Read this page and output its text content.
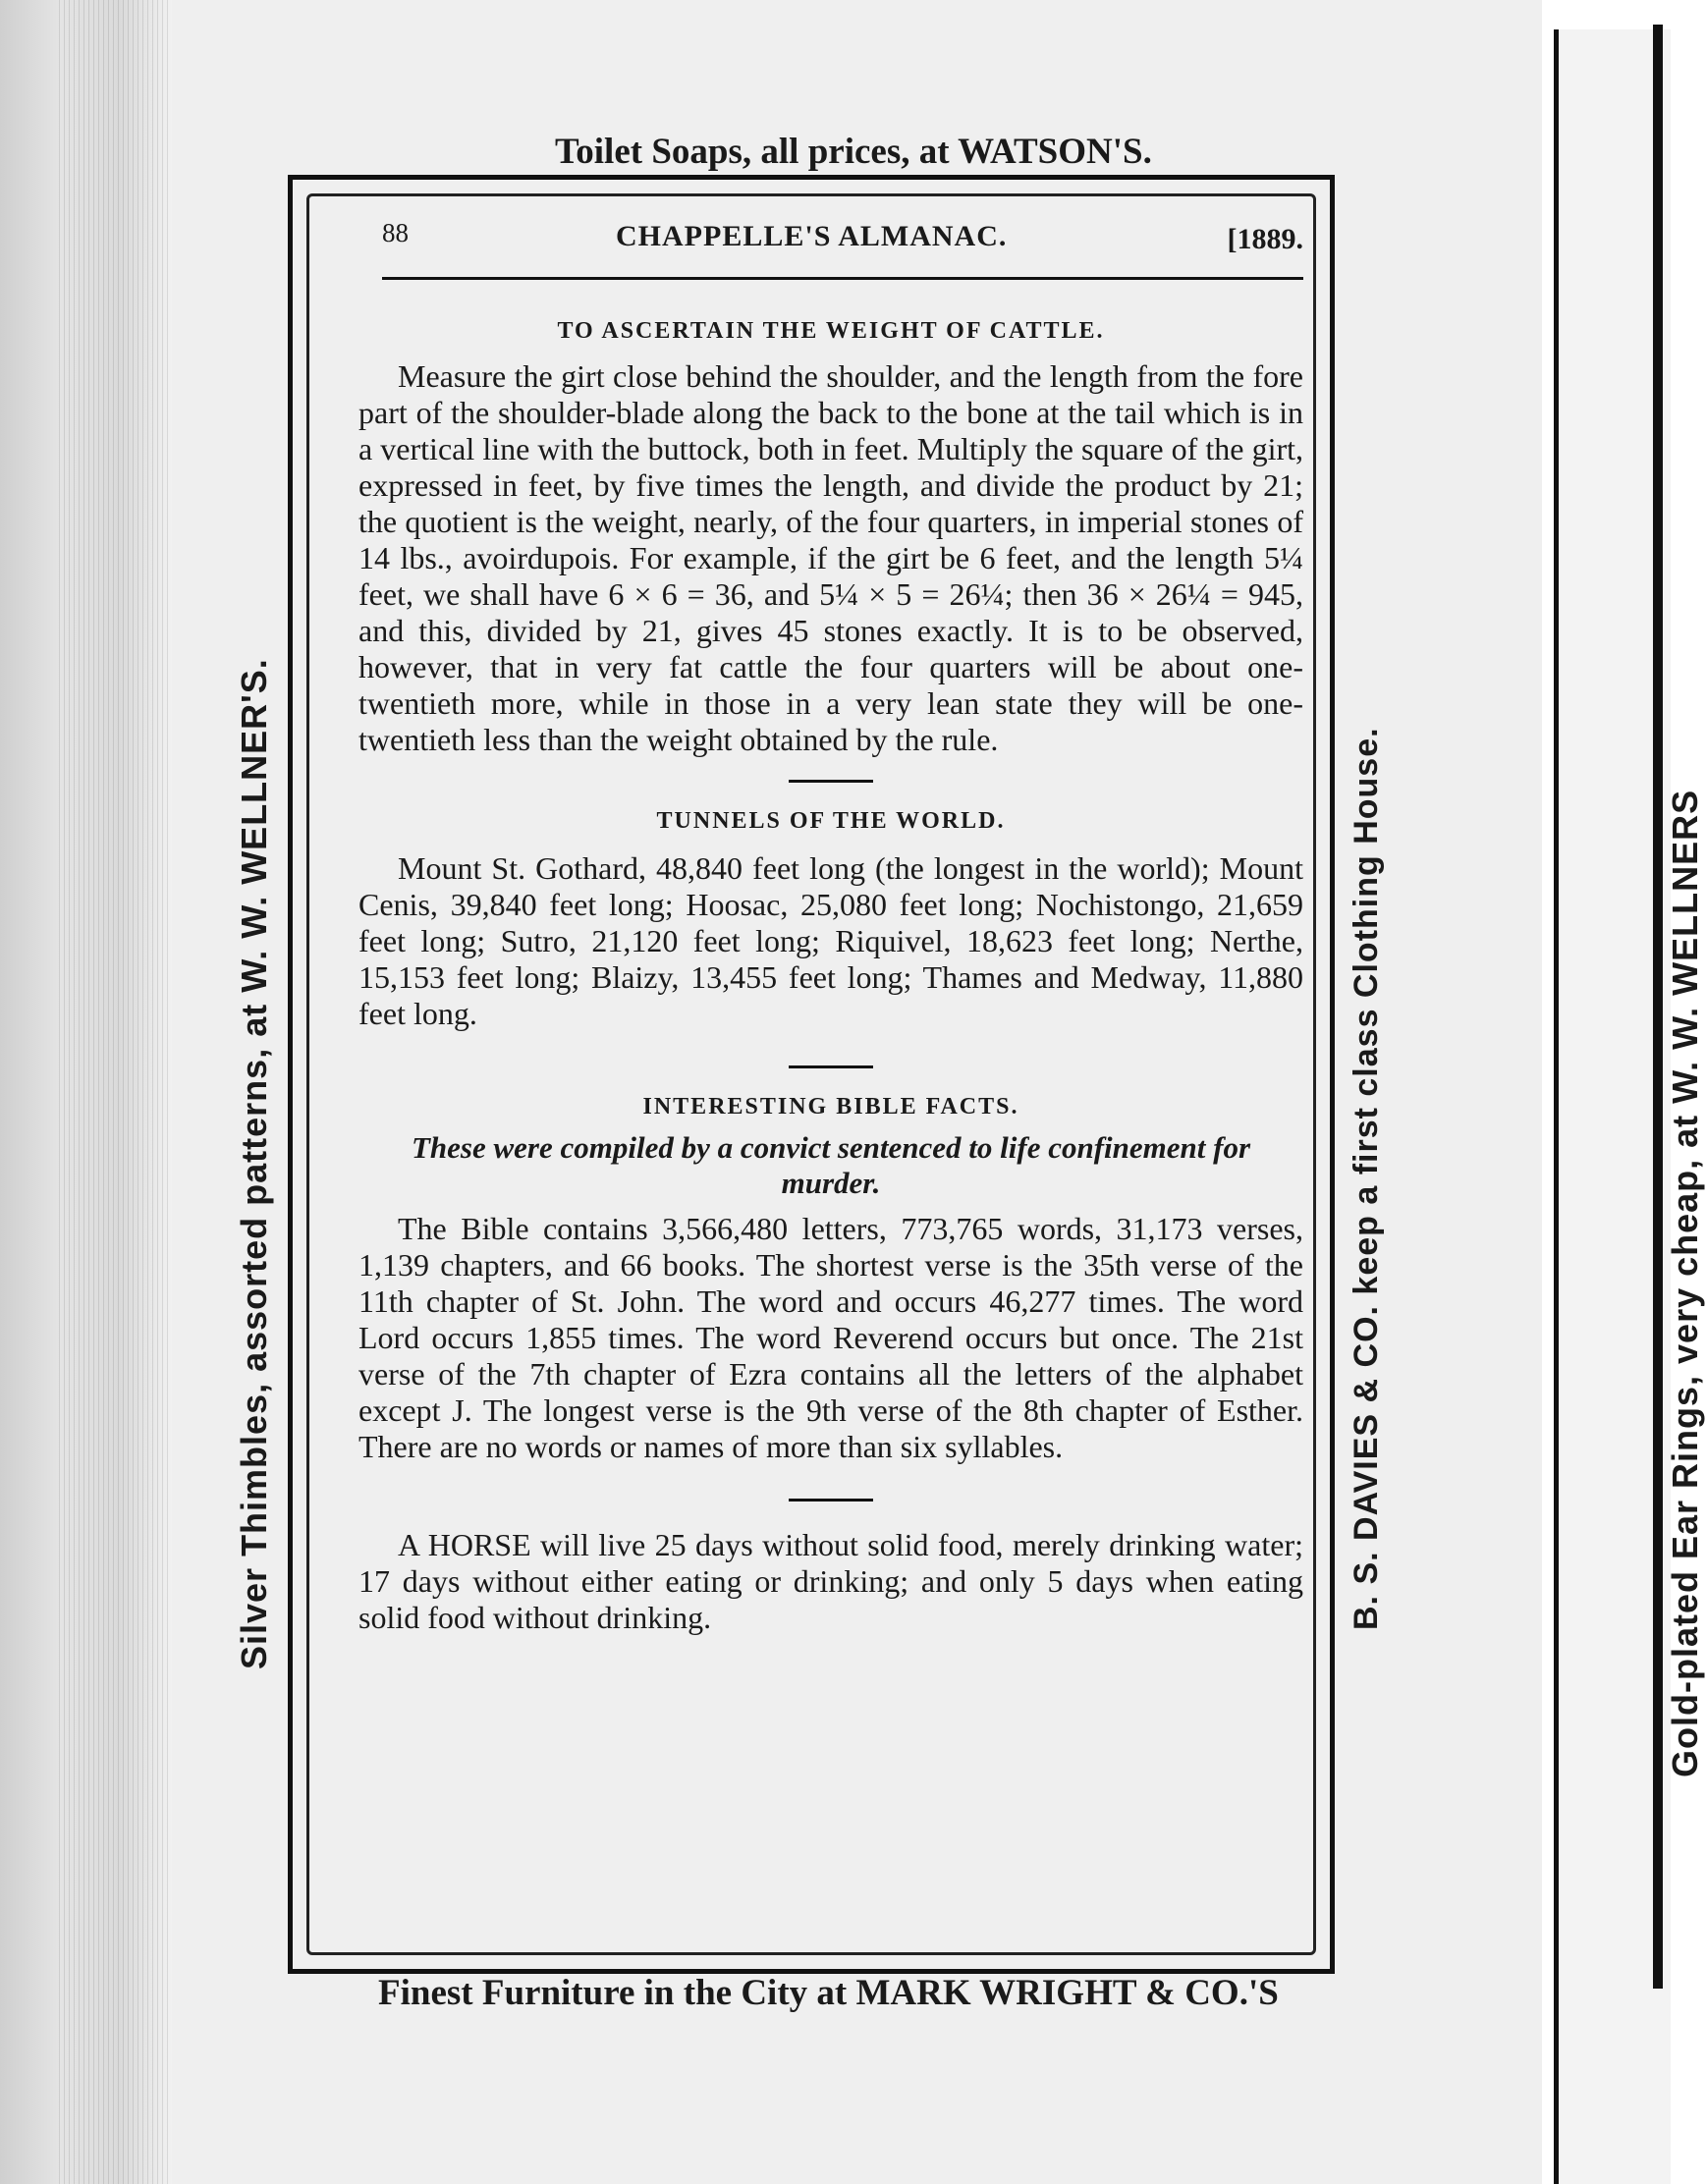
Gold-plated Ear Rings, very cheap, at W. W. WELLNERS
Toilet Soaps, all prices, at WATSON'S.
Silver Thimbles, assorted patterns, at W. W. WELLNER'S.	B. S. DAVIES & CO. keep a first class Clothing House.
88	CHAPPELLE'S ALMANAC.	[1889.
TO ASCERTAIN THE WEIGHT OF CATTLE.

Measure the girt close behind the shoulder, and the length from the fore part of the shoulder-blade along the back to the bone at the tail which is in a vertical line with the buttock, both in feet. Multiply the square of the girt, expressed in feet, by five times the length, and divide the product by 21; the quotient is the weight, nearly, of the four quarters, in imperial stones of 14 lbs., avoirdupois. For example, if the girt be 6 feet, and the length 5¼ feet, we shall have 6 × 6 = 36, and 5¼ × 5 = 26¼; then 36 × 26¼ = 945, and this, divided by 21, gives 45 stones exactly. It is to be observed, however, that in very fat cattle the four quarters will be about one-twentieth more, while in those in a very lean state they will be one-twentieth less than the weight obtained by the rule.

TUNNELS OF THE WORLD.

Mount St. Gothard, 48,840 feet long (the longest in the world); Mount Cenis, 39,840 feet long; Hoosac, 25,080 feet long; Nochistongo, 21,659 feet long; Sutro, 21,120 feet long; Riquivel, 18,623 feet long; Nerthe, 15,153 feet long; Blaizy, 13,455 feet long; Thames and Medway, 11,880 feet long.

INTERESTING BIBLE FACTS.

These were compiled by a convict sentenced to life confinement for murder.

The Bible contains 3,566,480 letters, 773,765 words, 31,173 verses, 1,139 chapters, and 66 books. The shortest verse is the 35th verse of the 11th chapter of St. John. The word and occurs 46,277 times. The word Lord occurs 1,855 times. The word Reverend occurs but once. The 21st verse of the 7th chapter of Ezra contains all the letters of the alphabet except J. The longest verse is the 9th verse of the 8th chapter of Esther. There are no words or names of more than six syllables.

A HORSE will live 25 days without solid food, merely drinking water; 17 days without either eating or drinking; and only 5 days when eating solid food without drinking.

Finest Furniture in the City at MARK WRIGHT & CO.'S
